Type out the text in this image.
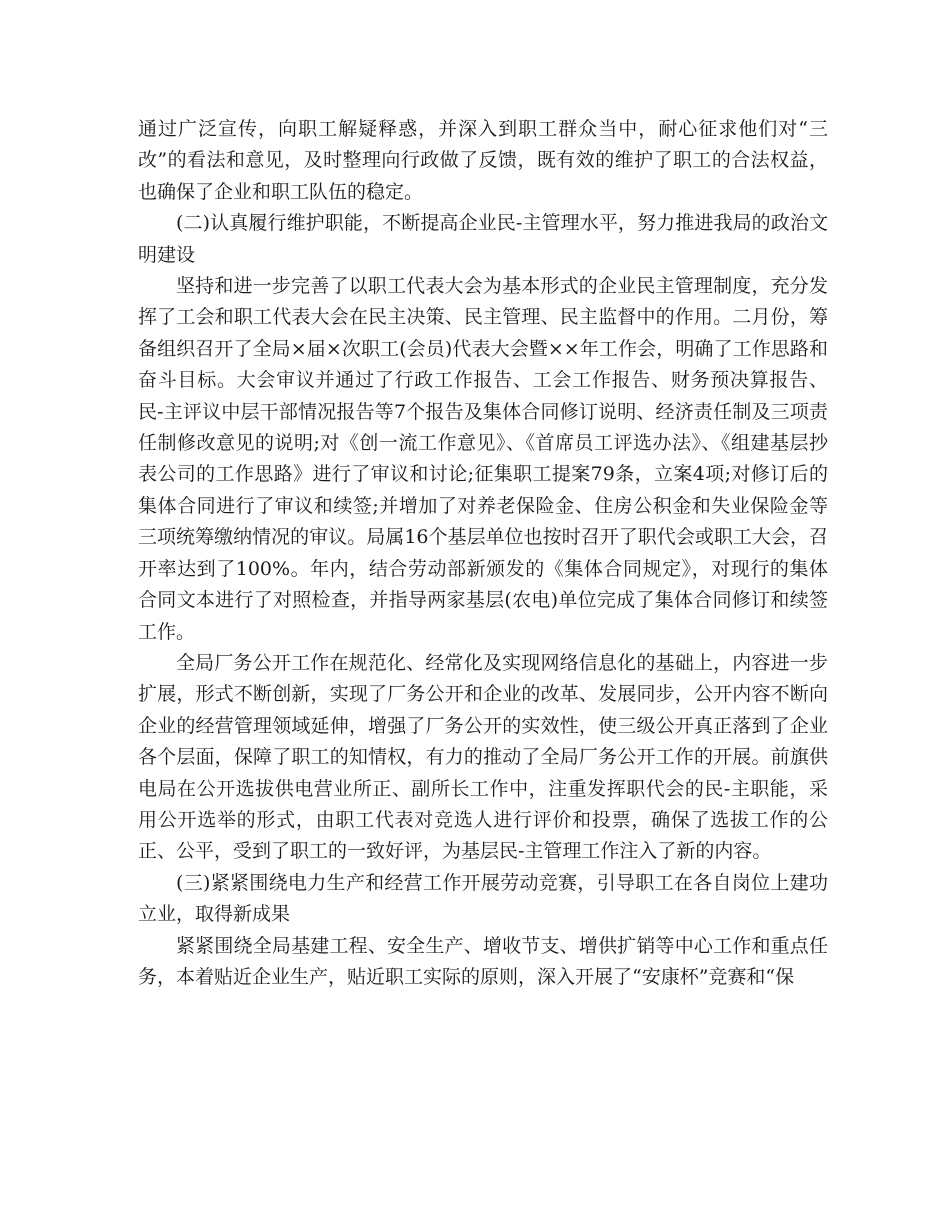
通过广泛宣传，向职工解疑释惑，并深入到职工群众当中，耐心征求他们对“三改”的看法和意见，及时整理向行政做了反馈，既有效的维护了职工的合法权益，也确保了企业和职工队伍的稳定。

(二)认真履行维护职能，不断提高企业民-主管理水平，努力推进我局的政治文明建设

坚持和进一步完善了以职工代表大会为基本形式的企业民主管理制度，充分发挥了工会和职工代表大会在民主决策、民主管理、民主监督中的作用。二月份，筹备组织召开了全局×届×次职工(会员)代表大会暨××年工作会，明确了工作思路和奋斗目标。大会审议并通过了行政工作报告、工会工作报告、财务预决算报告、民-主评议中层干部情况报告等7个报告及集体合同修订说明、经济责任制及三项责任制修改意见的说明;对《创一流工作意见》、《首席员工评选办法》、《组建基层抄表公司的工作思路》进行了审议和讨论;征集职工提案79条，立案4项;对修订后的集体合同进行了审议和续签;并增加了对养老保险金、住房公积金和失业保险金等三项统筹缴纳情况的审议。局属16个基层单位也按时召开了职代会或职工大会，召开率达到了100%。年内，结合劳动部新颁发的《集体合同规定》，对现行的集体合同文本进行了对照检查，并指导两家基层(农电)单位完成了集体合同修订和续签工作。

全局厂务公开工作在规范化、经常化及实现网络信息化的基础上，内容进一步扩展，形式不断创新，实现了厂务公开和企业的改革、发展同步，公开内容不断向企业的经营管理领域延伸，增强了厂务公开的实效性，使三级公开真正落到了企业各个层面，保障了职工的知情权，有力的推动了全局厂务公开工作的开展。前旗供电局在公开选拔供电营业所正、副所长工作中，注重发挥职代会的民-主职能，采用公开选举的形式，由职工代表对竞选人进行评价和投票，确保了选拔工作的公正、公平，受到了职工的一致好评，为基层民-主管理工作注入了新的内容。

(三)紧紧围绕电力生产和经营工作开展劳动竞赛，引导职工在各自岗位上建功立业，取得新成果

紧紧围绕全局基建工程、安全生产、增收节支、增供扩销等中心工作和重点任务，本着贴近企业生产，贴近职工实际的原则，深入开展了“安康杯”竞赛和“保
